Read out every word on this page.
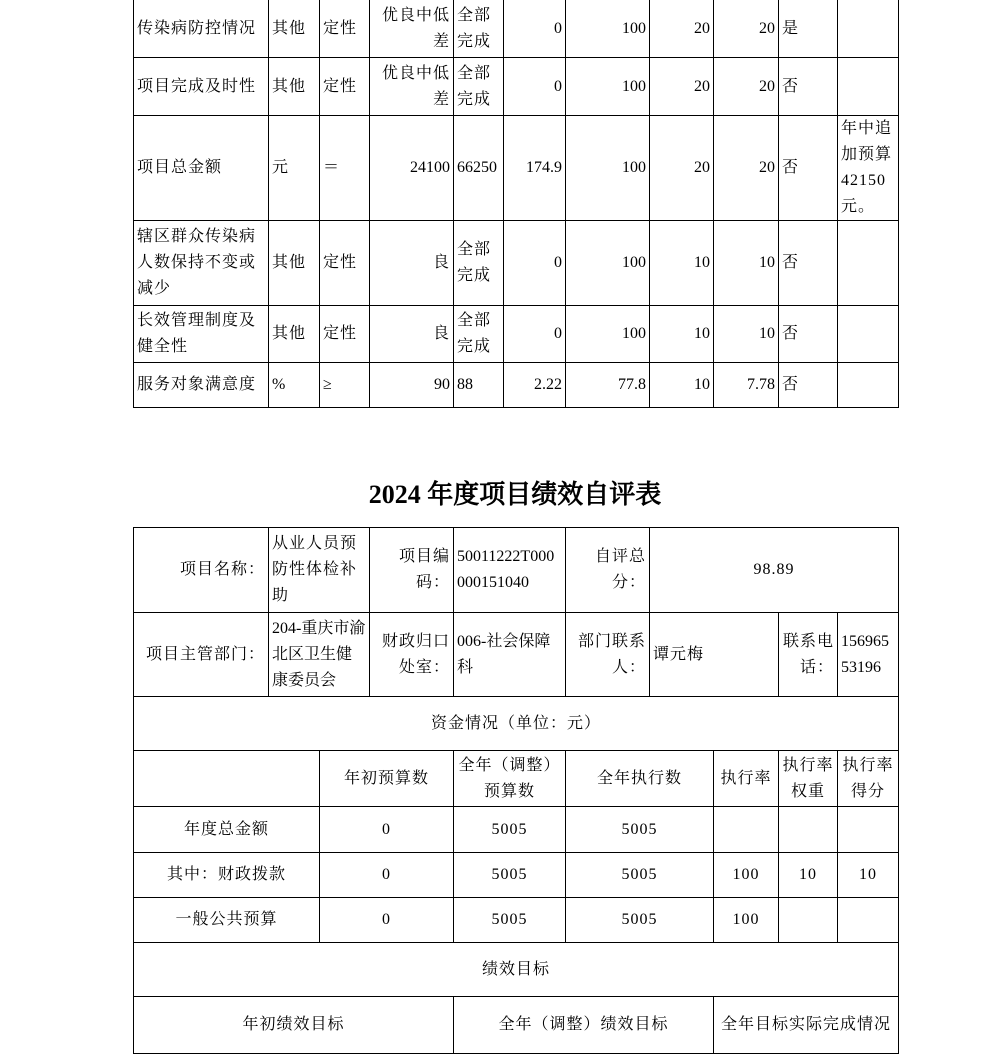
传染病防控情况	其他	定性	优良中低差	全部完成	0	100	20	20	是	
项目完成及时性	其他	定性	优良中低差	全部完成	0	100	20	20	否	
项目总金额	元	＝	24100	66250	174.9	100	20	20	否	年中追加预算42150元。
辖区群众传染病人数保持不变或减少	其他	定性	良	全部完成	0	100	10	10	否	
长效管理制度及健全性	其他	定性	良	全部完成	0	100	10	10	否	
服务对象满意度	%	≥	90	88	2.22	77.8	10	7.78	否	
2024 年度项目绩效自评表
项目名称：	从业人员预防性体检补助		项目编码：	50011222T000000151040	自评总分：	98.89			
项目主管部门：	204-重庆市渝北区卫生健康委员会		财政归口处室：	006-社会保障科	部门联系人：	谭元梅		联系电话：	15696553196
资金情况（单位：元）									
		年初预算数		全年（调整）预算数	全年执行数		执行率	执行率权重	执行率得分
年度总金额		0		5005	5005				
其中：财政拨款		0		5005	5005		100	10	10
一般公共预算		0		5005	5005		100		
绩效目标									
年初绩效目标				全年（调整）绩效目标			全年目标实际完成情况		
